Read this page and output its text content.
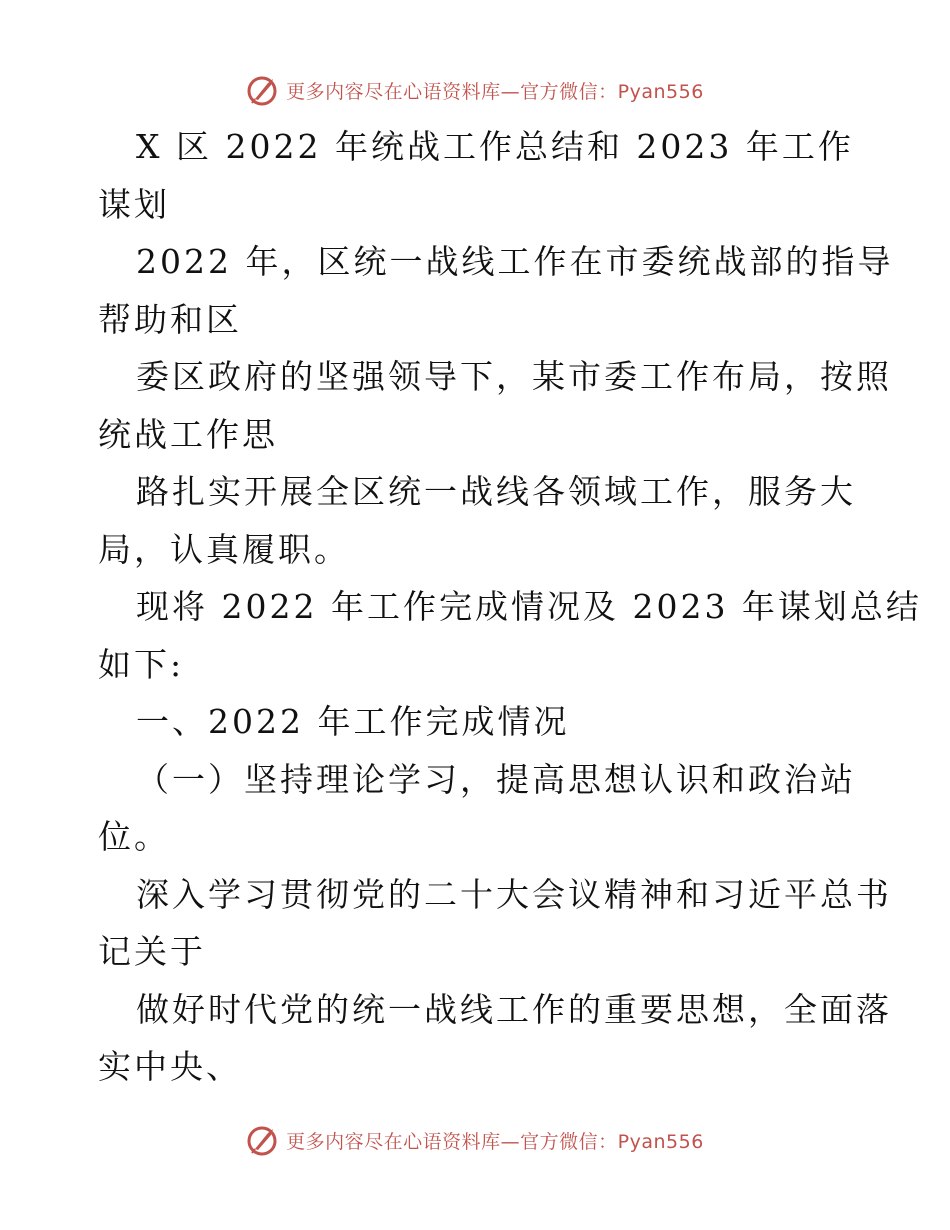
更多内容尽在心语资料库—官方微信：Pyan556

X 区 2022 年统战工作总结和 2023 年工作
谋划

2022 年，区统一战线工作在市委统战部的指导
帮助和区

委区政府的坚强领导下，某市委工作布局，按照
统战工作思

路扎实开展全区统一战线各领域工作，服务大
局，认真履职。

现将 2022 年工作完成情况及 2023 年谋划总结
如下:

一、2022 年工作完成情况

（一）坚持理论学习，提高思想认识和政治站
位。

深入学习贯彻党的二十大会议精神和习近平总书
记关于

做好时代党的统一战线工作的重要思想，全面落
实中央、

更多内容尽在心语资料库—官方微信：Pyan556
